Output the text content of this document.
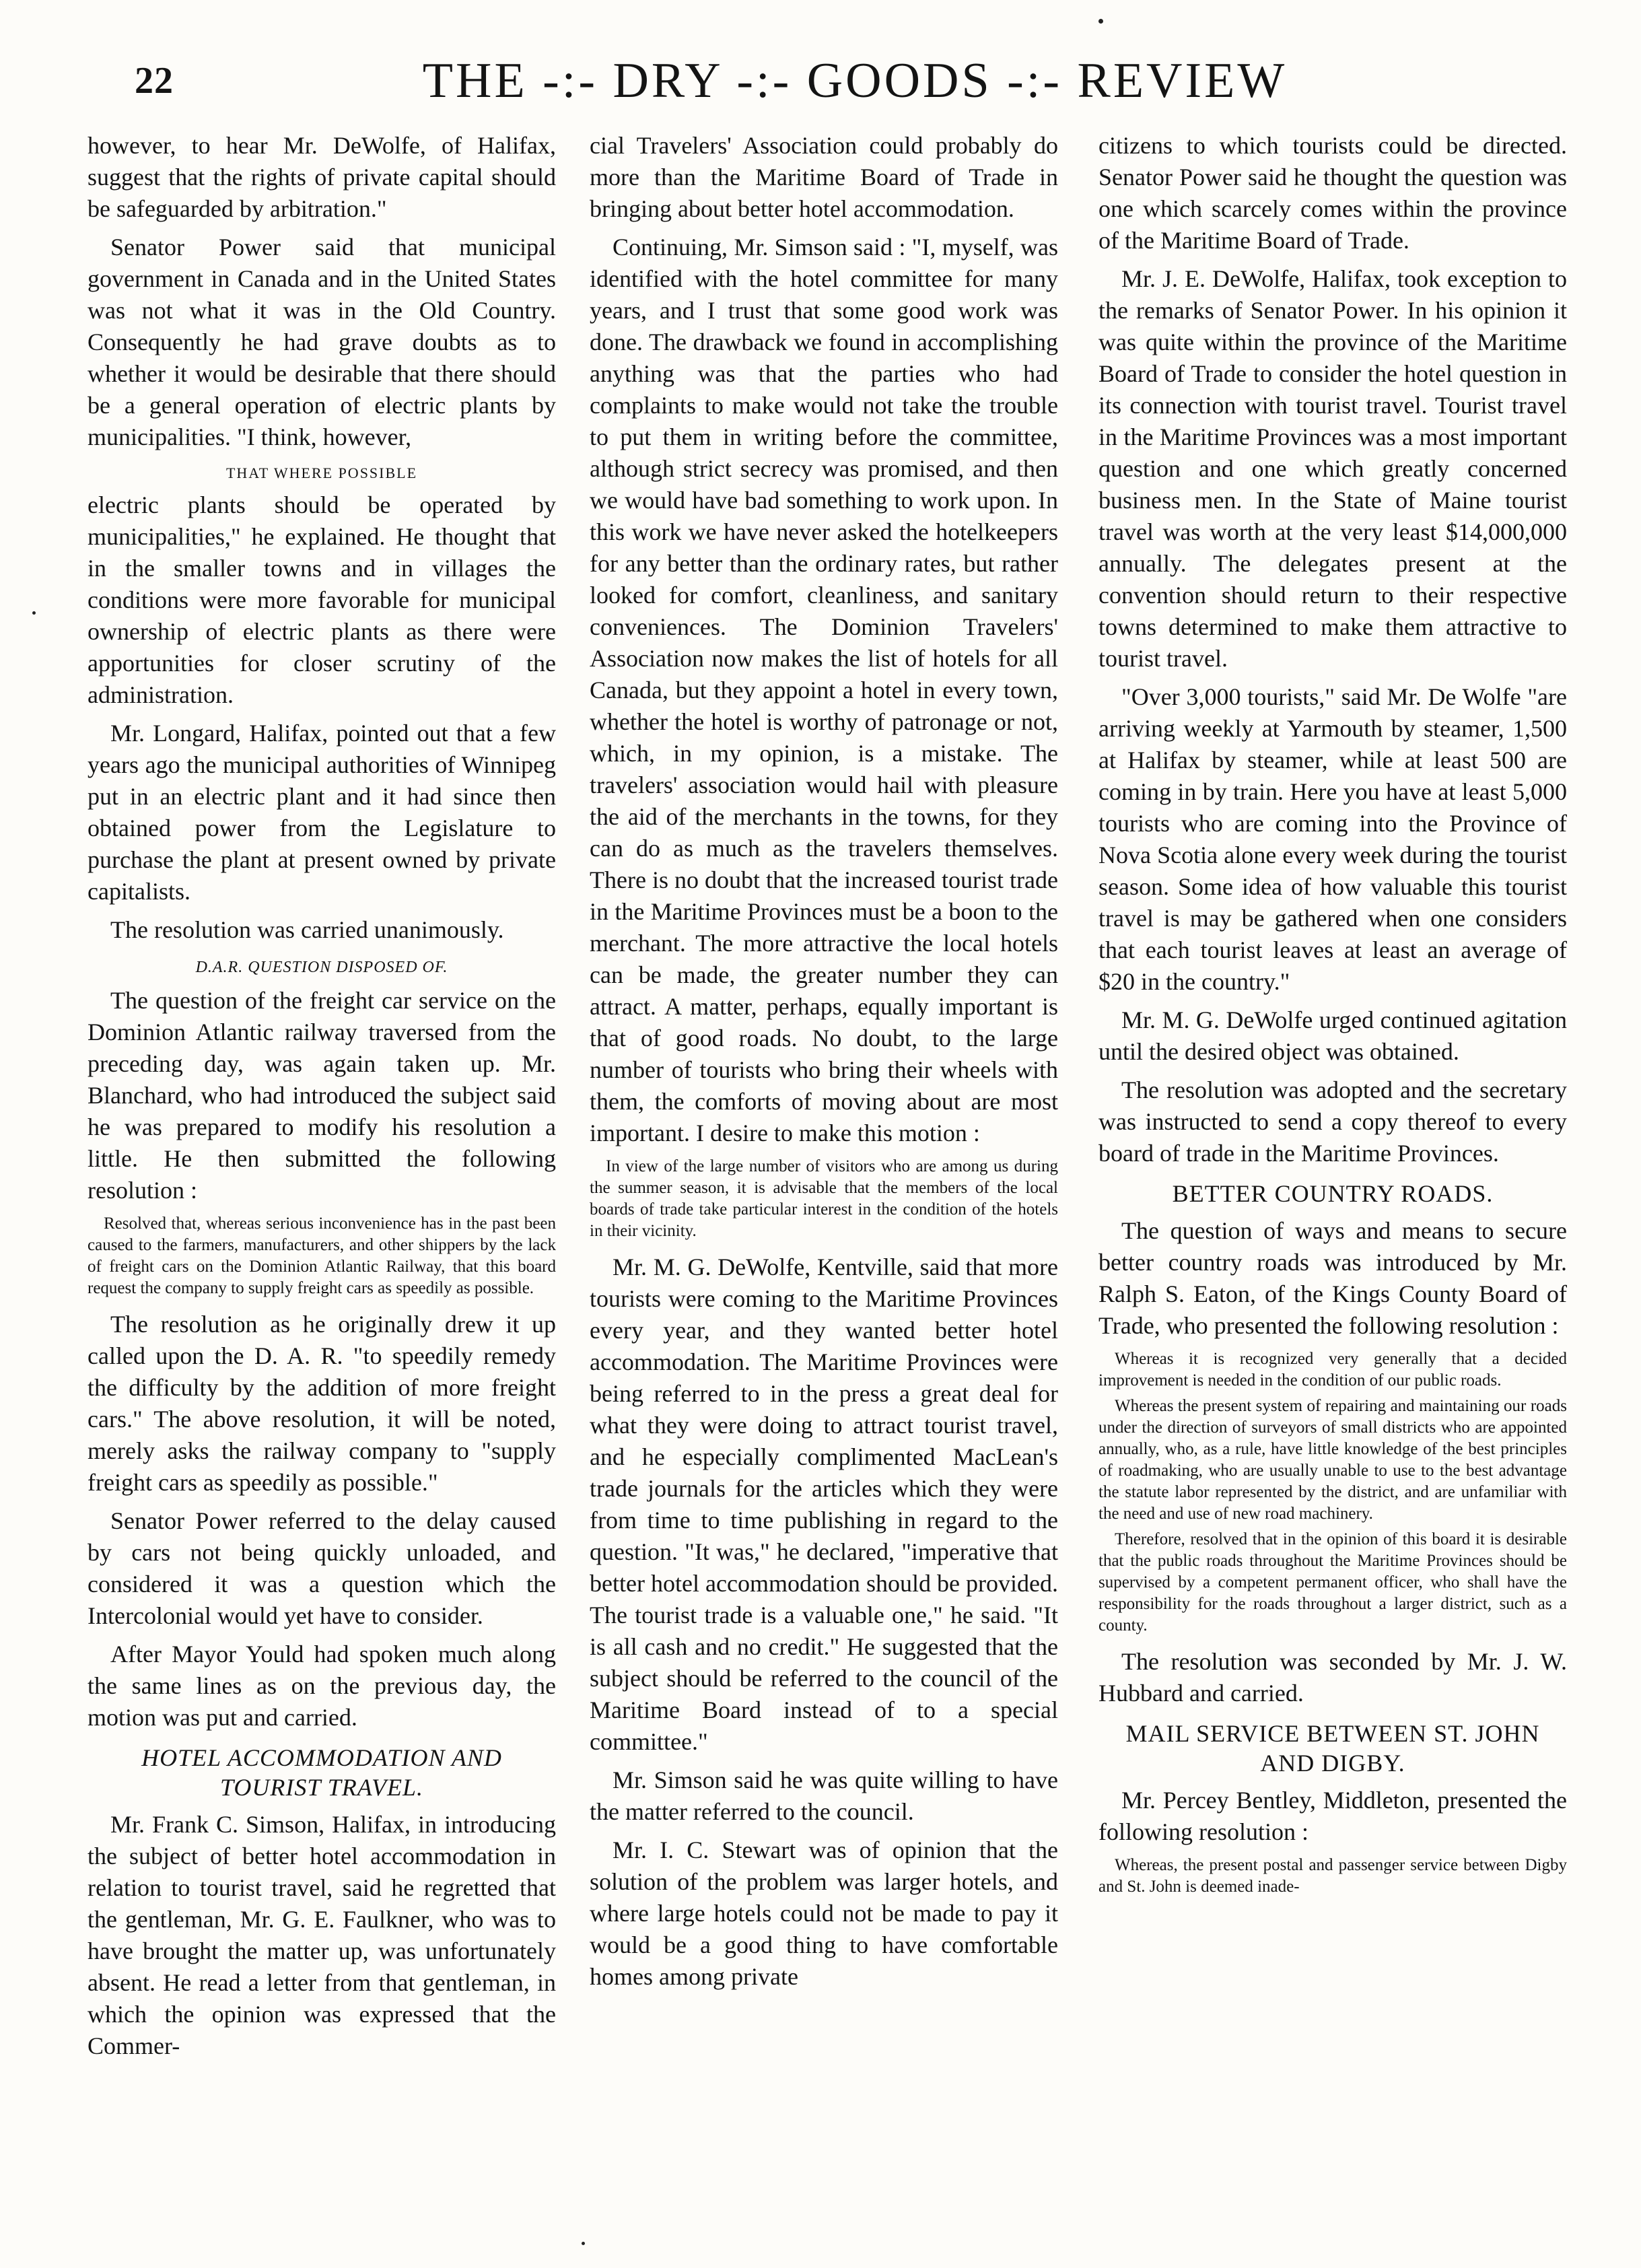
22	THE -:- DRY -:- GOODS -:- REVIEW

however, to hear Mr. DeWolfe, of Halifax, suggest that the rights of private capital should be safeguarded by arbitration."

Senator Power said that municipal government in Canada and in the United States was not what it was in the Old Country. Consequently he had grave doubts as to whether it would be desirable that there should be a general operation of electric plants by municipalities. "I think, however,

THAT WHERE POSSIBLE

electric plants should be operated by municipalities," he explained. He thought that in the smaller towns and in villages the conditions were more favorable for municipal ownership of electric plants as there were apportunities for closer scrutiny of the administration.

Mr. Longard, Halifax, pointed out that a few years ago the municipal authorities of Winnipeg put in an electric plant and it had since then obtained power from the Legislature to purchase the plant at present owned by private capitalists.

The resolution was carried unanimously.

D.A.R. QUESTION DISPOSED OF.

The question of the freight car service on the Dominion Atlantic railway traversed from the preceding day, was again taken up. Mr. Blanchard, who had introduced the subject said he was prepared to modify his resolution a little. He then submitted the following resolution :

Resolved that, whereas serious inconvenience has in the past been caused to the farmers, manufacturers, and other shippers by the lack of freight cars on the Dominion Atlantic Railway, that this board request the company to supply freight cars as speedily as possible.

The resolution as he originally drew it up called upon the D. A. R. "to speedily remedy the difficulty by the addition of more freight cars." The above resolution, it will be noted, merely asks the railway company to "supply freight cars as speedily as possible."

Senator Power referred to the delay caused by cars not being quickly unloaded, and considered it was a question which the Intercolonial would yet have to consider.

After Mayor Yould had spoken much along the same lines as on the previous day, the motion was put and carried.

HOTEL ACCOMMODATION AND TOURIST TRAVEL.

Mr. Frank C. Simson, Halifax, in introducing the subject of better hotel accommodation in relation to tourist travel, said he regretted that the gentleman, Mr. G. E. Faulkner, who was to have brought the matter up, was unfortunately absent. He read a letter from that gentleman, in which the opinion was expressed that the Commer-

cial Travelers' Association could probably do more than the Maritime Board of Trade in bringing about better hotel accommodation.

Continuing, Mr. Simson said : "I, myself, was identified with the hotel committee for many years, and I trust that some good work was done. The drawback we found in accomplishing anything was that the parties who had complaints to make would not take the trouble to put them in writing before the committee, although strict secrecy was promised, and then we would have bad something to work upon. In this work we have never asked the hotelkeepers for any better than the ordinary rates, but rather looked for comfort, cleanliness, and sanitary conveniences. The Dominion Travelers' Association now makes the list of hotels for all Canada, but they appoint a hotel in every town, whether the hotel is worthy of patronage or not, which, in my opinion, is a mistake. The travelers' association would hail with pleasure the aid of the merchants in the towns, for they can do as much as the travelers themselves. There is no doubt that the increased tourist trade in the Maritime Provinces must be a boon to the merchant. The more attractive the local hotels can be made, the greater number they can attract. A matter, perhaps, equally important is that of good roads. No doubt, to the large number of tourists who bring their wheels with them, the comforts of moving about are most important. I desire to make this motion :

In view of the large number of visitors who are among us during the summer season, it is advisable that the members of the local boards of trade take particular interest in the condition of the hotels in their vicinity.

Mr. M. G. DeWolfe, Kentville, said that more tourists were coming to the Maritime Provinces every year, and they wanted better hotel accommodation. The Maritime Provinces were being referred to in the press a great deal for what they were doing to attract tourist travel, and he especially complimented MacLean's trade journals for the articles which they were from time to time publishing in regard to the question. "It was," he declared, "imperative that better hotel accommodation should be provided. The tourist trade is a valuable one," he said. "It is all cash and no credit." He suggested that the subject should be referred to the council of the Maritime Board instead of to a special committee."

Mr. Simson said he was quite willing to have the matter referred to the council.

Mr. I. C. Stewart was of opinion that the solution of the problem was larger hotels, and where large hotels could not be made to pay it would be a good thing to have comfortable homes among private

citizens to which tourists could be directed. Senator Power said he thought the question was one which scarcely comes within the province of the Maritime Board of Trade.

Mr. J. E. DeWolfe, Halifax, took exception to the remarks of Senator Power. In his opinion it was quite within the province of the Maritime Board of Trade to consider the hotel question in its connection with tourist travel. Tourist travel in the Maritime Provinces was a most important question and one which greatly concerned business men. In the State of Maine tourist travel was worth at the very least $14,000,000 annually. The delegates present at the convention should return to their respective towns determined to make them attractive to tourist travel.

"Over 3,000 tourists," said Mr. De Wolfe "are arriving weekly at Yarmouth by steamer, 1,500 at Halifax by steamer, while at least 500 are coming in by train. Here you have at least 5,000 tourists who are coming into the Province of Nova Scotia alone every week during the tourist season. Some idea of how valuable this tourist travel is may be gathered when one considers that each tourist leaves at least an average of $20 in the country."

Mr. M. G. DeWolfe urged continued agitation until the desired object was obtained.

The resolution was adopted and the secretary was instructed to send a copy thereof to every board of trade in the Maritime Provinces.

BETTER COUNTRY ROADS.

The question of ways and means to secure better country roads was introduced by Mr. Ralph S. Eaton, of the Kings County Board of Trade, who presented the following resolution :

Whereas it is recognized very generally that a decided improvement is needed in the condition of our public roads.

Whereas the present system of repairing and maintaining our roads under the direction of surveyors of small districts who are appointed annually, who, as a rule, have little knowledge of the best principles of roadmaking, who are usually unable to use to the best advantage the statute labor represented by the district, and are unfamiliar with the need and use of new road machinery.

Therefore, resolved that in the opinion of this board it is desirable that the public roads throughout the Maritime Provinces should be supervised by a competent permanent officer, who shall have the responsibility for the roads throughout a larger district, such as a county.

The resolution was seconded by Mr. J. W. Hubbard and carried.

MAIL SERVICE BETWEEN ST. JOHN AND DIGBY.

Mr. Percey Bentley, Middleton, presented the following resolution :

Whereas, the present postal and passenger service between Digby and St. John is deemed inade-
